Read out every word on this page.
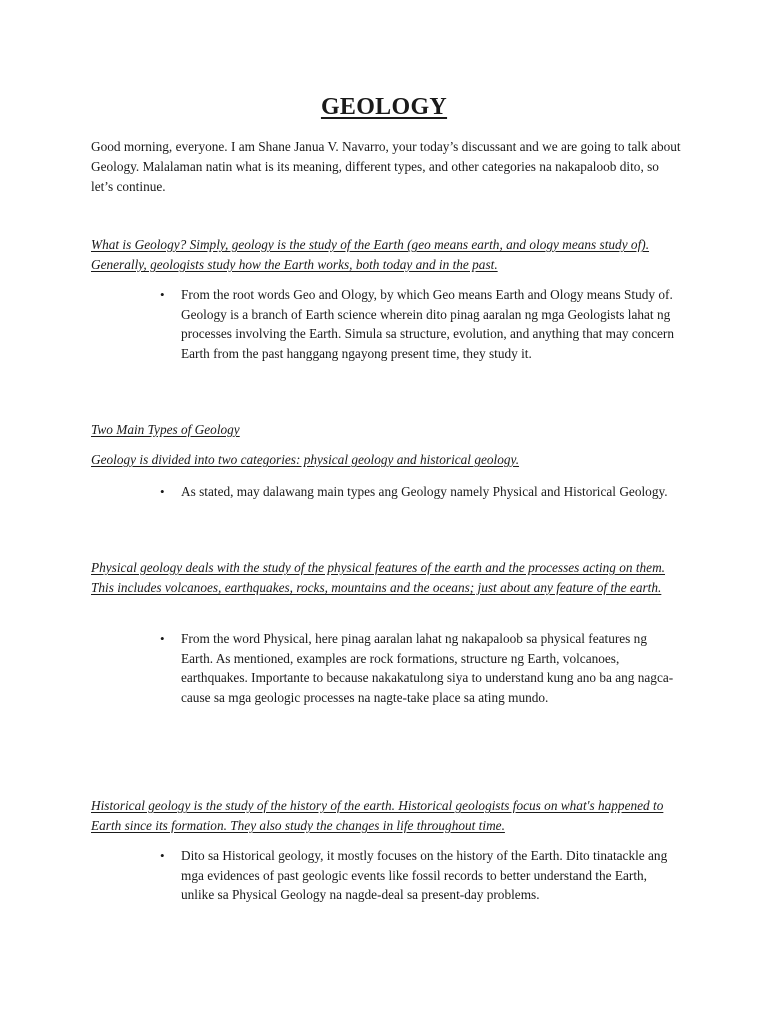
GEOLOGY
Good morning, everyone. I am Shane Janua V. Navarro, your today’s discussant and we are going to talk about Geology. Malalaman natin what is its meaning, different types, and other categories na nakapaloob dito, so let’s continue.
What is Geology? Simply, geology is the study of the Earth (geo means earth, and ology means study of). Generally, geologists study how the Earth works, both today and in the past.
•	From the root words Geo and Ology, by which Geo means Earth and Ology means Study of. Geology is a branch of Earth science wherein dito pinag aaralan ng mga Geologists lahat ng processes involving the Earth. Simula sa structure, evolution, and anything that may concern Earth from the past hanggang ngayong present time, they study it.
Two Main Types of Geology
Geology is divided into two categories: physical geology and historical geology.
•	As stated, may dalawang main types ang Geology namely Physical and Historical Geology.
Physical geology deals with the study of the physical features of the earth and the processes acting on them. This includes volcanoes, earthquakes, rocks, mountains and the oceans; just about any feature of the earth.
•	From the word Physical, here pinag aaralan lahat ng nakapaloob sa physical features ng Earth. As mentioned, examples are rock formations, structure ng Earth, volcanoes, earthquakes. Importante to because nakakatulong siya to understand kung ano ba ang nagca-cause sa mga geologic processes na nagte-take place sa ating mundo.
Historical geology is the study of the history of the earth. Historical geologists focus on what's happened to Earth since its formation. They also study the changes in life throughout time.
•	Dito sa Historical geology, it mostly focuses on the history of the Earth. Dito tinatackle ang mga evidences of past geologic events like fossil records to better understand the Earth, unlike sa Physical Geology na nagde-deal sa present-day problems.
